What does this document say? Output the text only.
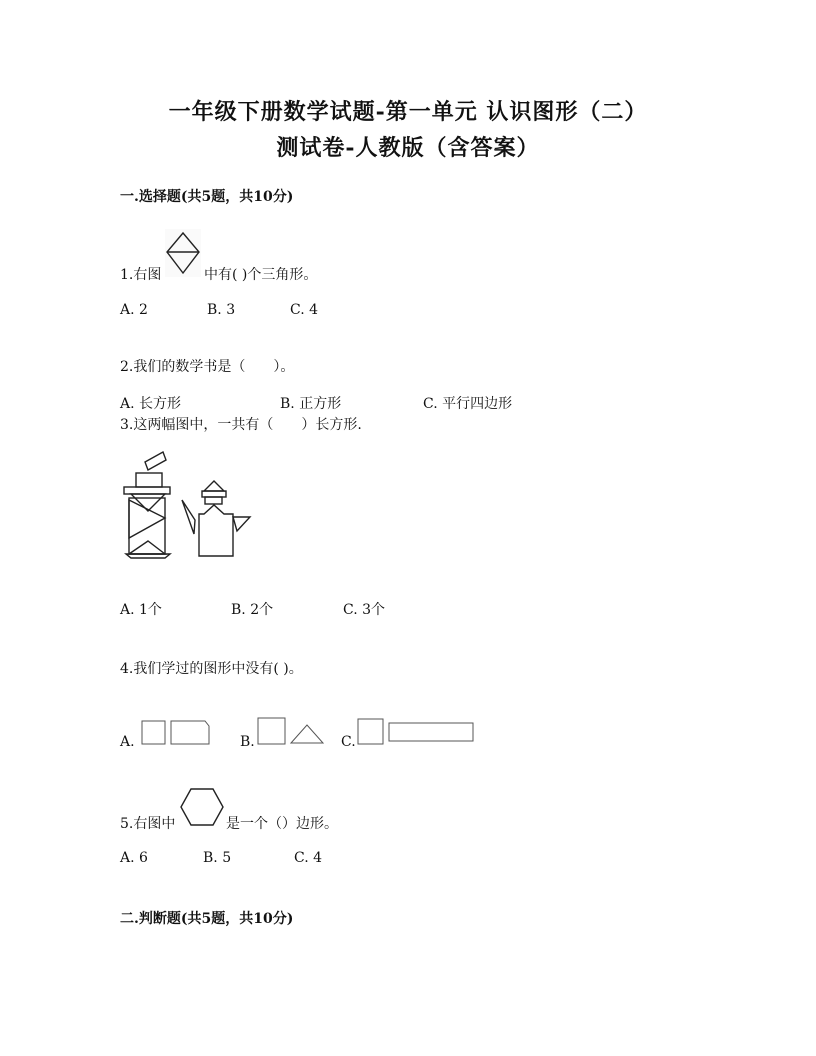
一年级下册数学试题-第一单元 认识图形（二）
测试卷-人教版（含答案）
一.选择题(共5题，共10分)
1.右图	中有( )个三角形。
A. 2	B. 3	C. 4
2.我们的数学书是（　　）。
A. 长方形	B. 正方形	C. 平行四边形
3.这两幅图中，一共有（　　）长方形.
A. 1个	B. 2个	C. 3个
4.我们学过的图形中没有( )。
A.	B.	C.
5.右图中	是一个（）边形。
A. 6	B. 5	C. 4
二.判断题(共5题，共10分)
